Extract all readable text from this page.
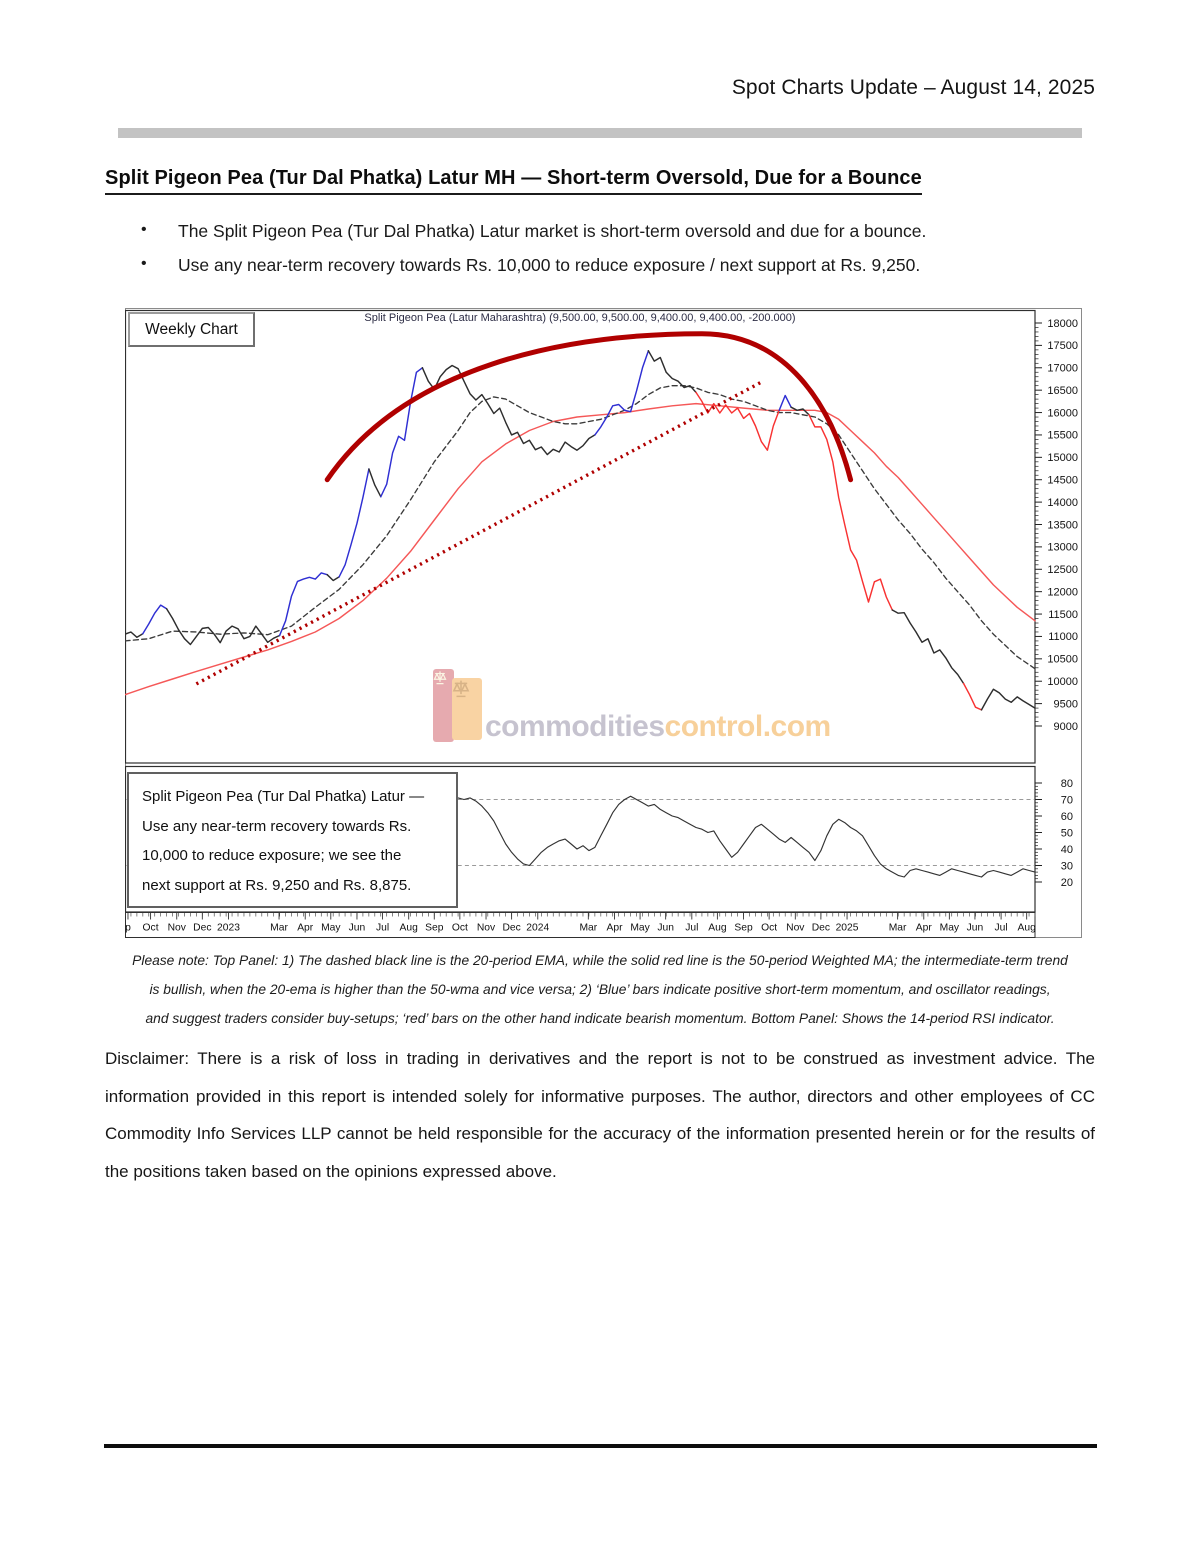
Spot Charts Update – August 14, 2025
Split Pigeon Pea (Tur Dal Phatka) Latur MH — Short-term Oversold, Due for a Bounce
•	The Split Pigeon Pea (Tur Dal Phatka) Latur market is short-term oversold and due for a bounce.
•	Use any near-term recovery towards Rs. 10,000 to reduce exposure / next support at Rs. 9,250.
9000
9500
10000
10500
11000
11500
12000
12500
13000
13500
14000
14500
15000
15500
16000
16500
17000
17500
18000
20
30
40
50
60
70
80
p Oct Nov Dec 2023	Mar Apr May Jun Jul Aug Sep Oct Nov Dec 2024	Mar Apr May Jun Jul Aug Sep Oct Nov Dec 2025	Mar Apr May Jun Jul Aug
Split Pigeon Pea (Latur Maharashtra) (9,500.00, 9,500.00, 9,400.00, 9,400.00, -200.000)
Weekly Chart
commoditiescontrol.com
Split Pigeon Pea (Tur Dal Phatka) Latur —
Use any near-term recovery towards Rs.
10,000 to reduce exposure; we see the
next support at Rs. 9,250 and Rs. 8,875.
Please note: Top Panel: 1) The dashed black line is the 20-period EMA, while the solid red line is the 50-period Weighted MA; the intermediate-term trend
is bullish, when the 20-ema is higher than the 50-wma and vice versa; 2) ‘Blue’ bars indicate positive short-term momentum, and oscillator readings,
and suggest traders consider buy-setups; ‘red’ bars on the other hand indicate bearish momentum. Bottom Panel: Shows the 14-period RSI indicator.
Disclaimer: There is a risk of loss in trading in derivatives and the report is not to be construed as investment advice. The information provided in this report is intended solely for informative purposes. The author, directors and other employees of CC Commodity Info Services LLP cannot be held responsible for the accuracy of the information presented herein or for the results of the positions taken based on the opinions expressed above.
